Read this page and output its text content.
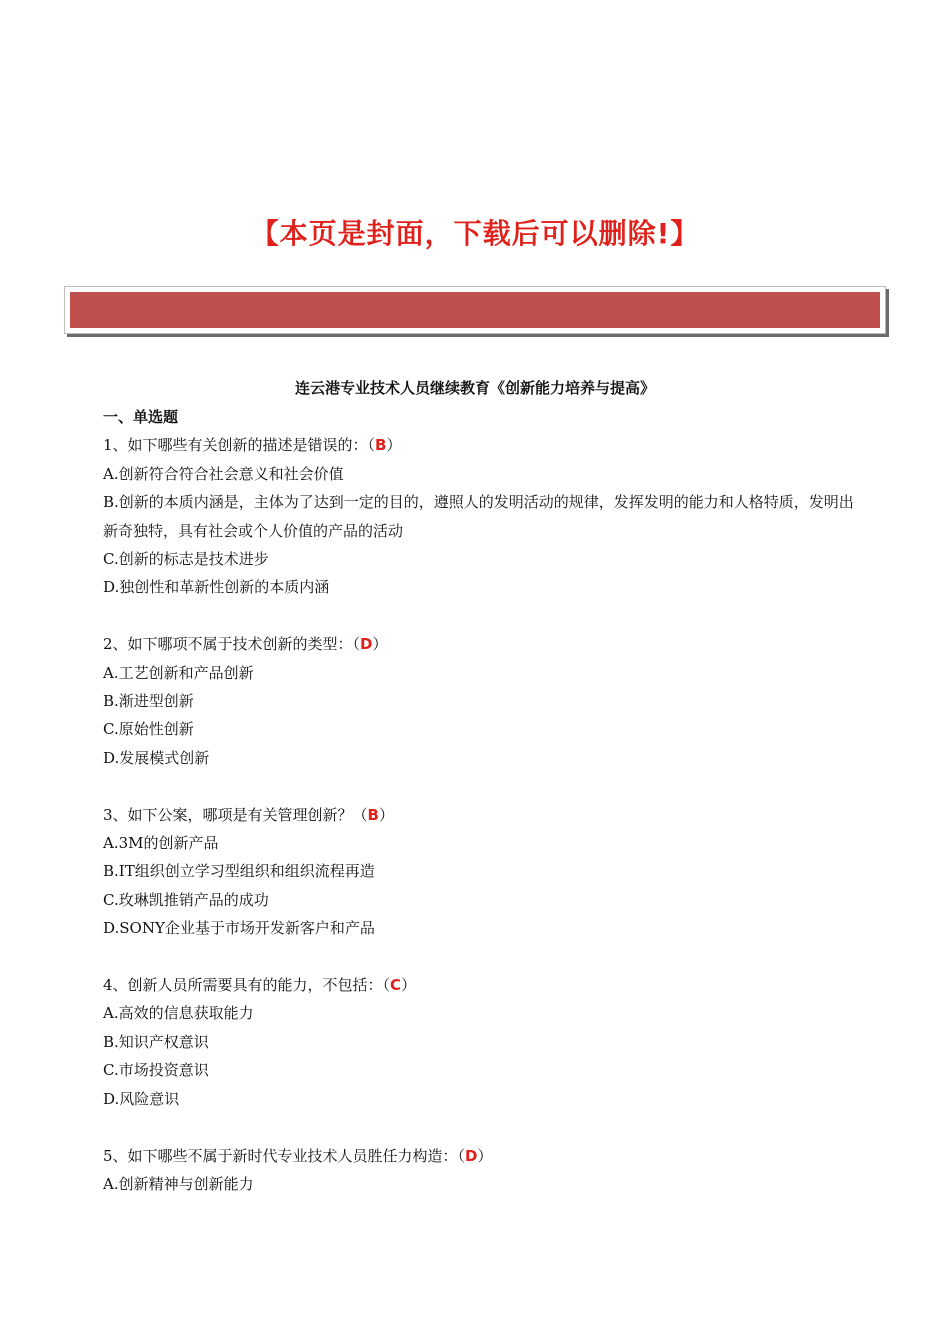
【本页是封面，下载后可以删除!】
连云港专业技术人员继续教育《创新能力培养与提高》
一、单选题
1、如下哪些有关创新的描述是错误的：（B）
A.创新符合符合社会意义和社会价值
B.创新的本质内涵是，主体为了达到一定的目的，遵照人的发明活动的规律，发挥发明的能力和人格特质，发明出新奇独特，具有社会或个人价值的产品的活动
C.创新的标志是技术进步
D.独创性和革新性创新的本质内涵
2、如下哪项不属于技术创新的类型：（D）
A.工艺创新和产品创新
B.渐进型创新
C.原始性创新
D.发展模式创新
3、如下公案，哪项是有关管理创新？（B）
A.3M的创新产品
B.IT组织创立学习型组织和组织流程再造
C.玫琳凯推销产品的成功
D.SONY企业基于市场开发新客户和产品
4、创新人员所需要具有的能力，不包括：（C）
A.高效的信息获取能力
B.知识产权意识
C.市场投资意识
D.风险意识
5、如下哪些不属于新时代专业技术人员胜任力构造：（D）
A.创新精神与创新能力
